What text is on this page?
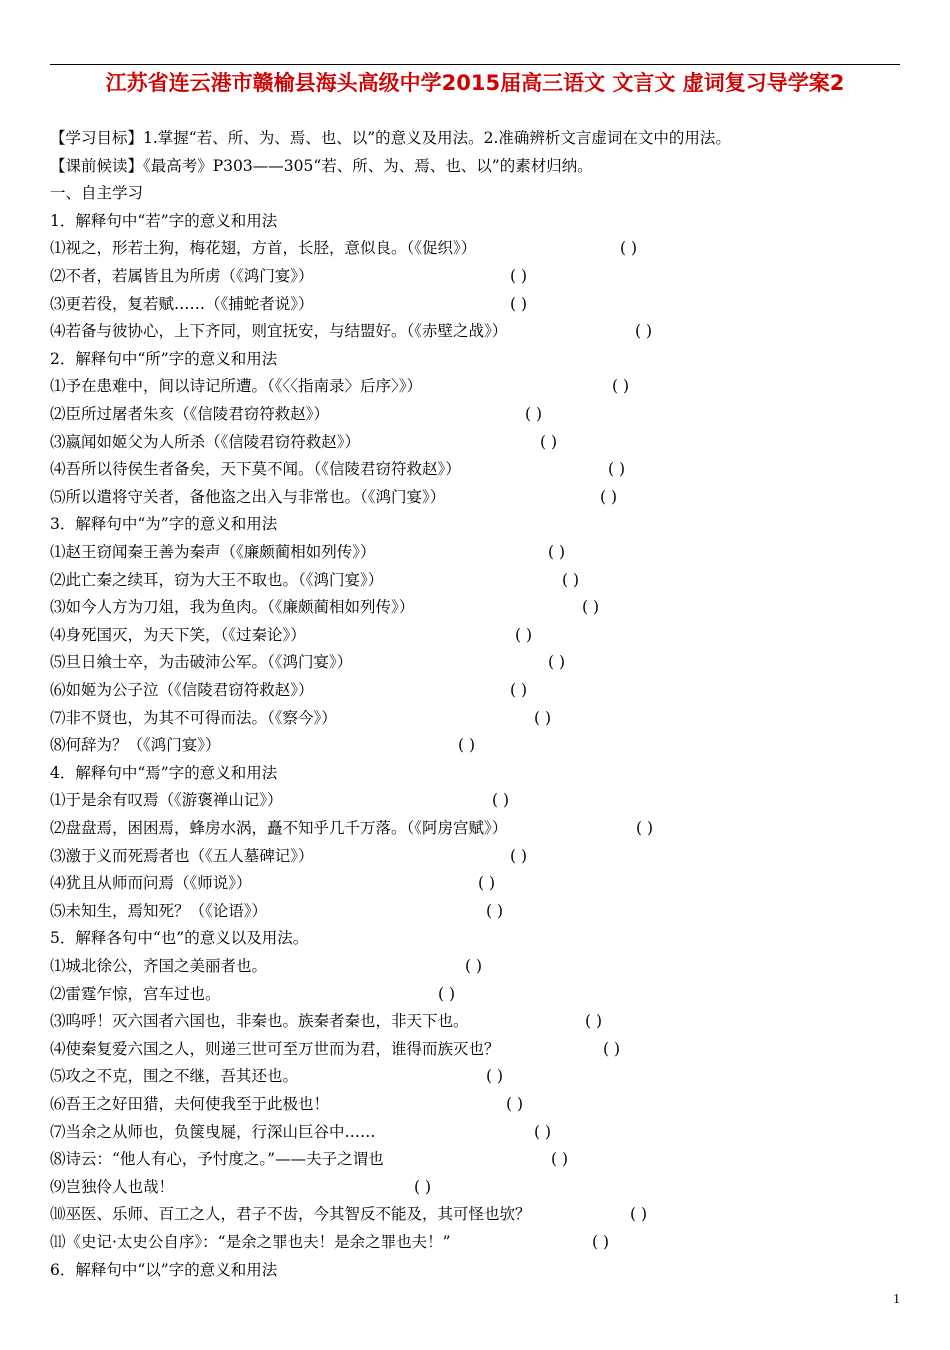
江苏省连云港市赣榆县海头高级中学2015届高三语文 文言文 虚词复习导学案2
【学习目标】1.掌握“若、所、为、焉、也、以”的意义及用法。2.准确辨析文言虚词在文中的用法。
【课前候读】《最高考》P303——305“若、所、为、焉、也、以”的素材归纳。
一、自主学习
1．解释句中“若”字的意义和用法
⑴视之，形若土狗，梅花翅，方首，长胫，意似良。（《促织》）	( )
⑵不者，若属皆且为所虏（《鸿门宴》）	( )
⑶更若役，复若赋……（《捕蛇者说》）	( )
⑷若备与彼协心，上下齐同，则宜抚安，与结盟好。（《赤壁之战》）	( )
2．解释句中“所”字的意义和用法
⑴予在患难中，间以诗记所遭。（《〈〈指南录〉后序〉》）	( )
⑵臣所过屠者朱亥（《信陵君窃符救赵》）	( )
⑶嬴闻如姬父为人所杀（《信陵君窃符救赵》）	( )
⑷吾所以待侯生者备矣，天下莫不闻。（《信陵君窃符救赵》）	( )
⑸所以遣将守关者，备他盗之出入与非常也。（《鸿门宴》）	( )
3．解释句中“为”字的意义和用法
⑴赵王窃闻秦王善为秦声（《廉颇蔺相如列传》）	( )
⑵此亡秦之续耳，窃为大王不取也。（《鸿门宴》）	( )
⑶如今人方为刀俎，我为鱼肉。（《廉颇蔺相如列传》）	( )
⑷身死国灭，为天下笑，（《过秦论》）	( )
⑸旦日飨士卒，为击破沛公军。（《鸿门宴》）	( )
⑹如姬为公子泣（《信陵君窃符救赵》）	( )
⑺非不贤也，为其不可得而法。（《察今》）	( )
⑻何辞为？（《鸿门宴》）	( )
4．解释句中“焉”字的意义和用法
⑴于是余有叹焉（《游褒禅山记》）	( )
⑵盘盘焉，困困焉，蜂房水涡，矗不知乎几千万落。（《阿房宫赋》）	( )
⑶激于义而死焉者也（《五人墓碑记》）	( )
⑷犹且从师而问焉（《师说》）	( )
⑸未知生，焉知死？（《论语》）	( )
5．解释各句中“也”的意义以及用法。
⑴城北徐公，齐国之美丽者也。	( )
⑵雷霆乍惊，宫车过也。	( )
⑶呜呼！灭六国者六国也，非秦也。族秦者秦也，非天下也。	( )
⑷使秦复爱六国之人，则递三世可至万世而为君，谁得而族灭也？	( )
⑸攻之不克，围之不继，吾其还也。	( )
⑹吾王之好田猎，夫何使我至于此极也！	( )
⑺当余之从师也，负箧曳屣，行深山巨谷中……	( )
⑻诗云：“他人有心，予忖度之。”——夫子之谓也	( )
⑼岂独伶人也哉！	( )
⑽巫医、乐师、百工之人，君子不齿，今其智反不能及，其可怪也欤？	( )
⑾《史记·太史公自序》：“是余之罪也夫！是余之罪也夫！”	( )
6．解释句中“以”字的意义和用法
1
